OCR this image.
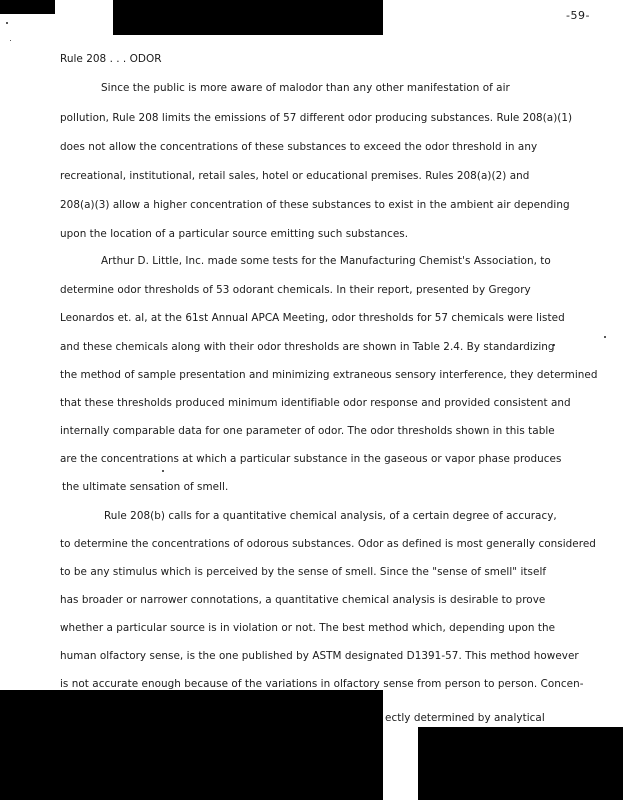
-59-
Rule 208 . . . ODOR
Since the public is more aware of malodor than any other manifestation of air
pollution, Rule 208 limits the emissions of 57 different odor producing substances. Rule 208(a)(1)
does not allow the concentrations of these substances to exceed the odor threshold in any
recreational, institutional, retail sales, hotel or educational premises. Rules 208(a)(2) and
208(a)(3) allow a higher concentration of these substances to exist in the ambient air depending
upon the location of a particular source emitting such substances.
Arthur D. Little, Inc. made some tests for the Manufacturing Chemist's Association, to
determine odor thresholds of 53 odorant chemicals. In their report, presented by Gregory
Leonardos et. al, at the 61st Annual APCA Meeting, odor thresholds for 57 chemicals were listed
and these chemicals along with their odor thresholds are shown in Table 2.4. By standardizing
the method of sample presentation and minimizing extraneous sensory interference, they determined
that these thresholds produced minimum identifiable odor response and provided consistent and
internally comparable data for one parameter of odor. The odor thresholds shown in this table
are the concentrations at which a particular substance in the gaseous or vapor phase produces
the ultimate sensation of smell.
Rule 208(b) calls for a quantitative chemical analysis, of a certain degree of accuracy,
to determine the concentrations of odorous substances. Odor as defined is most generally considered
to be any stimulus which is perceived by the sense of smell. Since the "sense of smell" itself
has broader or narrower connotations, a quantitative chemical analysis is desirable to prove
whether a particular source is in violation or not. The best method which, depending upon the
human olfactory sense, is the one published by ASTM designated D1391-57. This method however
is not accurate enough because of the variations in olfactory sense from person to person. Concen-
ectly determined by analytical
